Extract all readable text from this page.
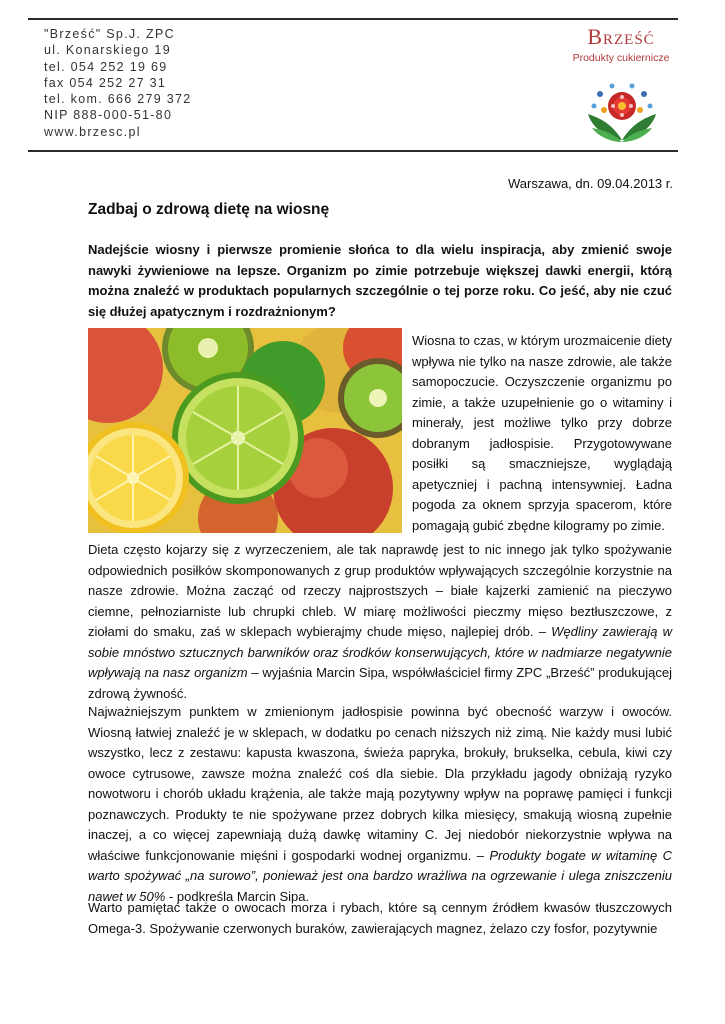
"Brześć" Sp.J. ZPC
ul. Konarskiego 19
tel. 054 252 19 69
fax 054 252 27 31
tel. kom. 666 279 372
NIP 888-000-51-80
www.brzesc.pl
Brześć
Produkty cukiernicze
Warszawa, dn. 09.04.2013 r.
Zadbaj o zdrową dietę na wiosnę

Nadejście wiosny i pierwsze promienie słońca to dla wielu inspiracja, aby zmienić swoje nawyki żywieniowe na lepsze. Organizm po zimie potrzebuje większej dawki energii, którą można znaleźć w produktach popularnych szczególnie o tej porze roku. Co jeść, aby nie czuć się dłużej apatycznym i rozdrażnionym?

Wiosna to czas, w którym urozmaicenie diety wpływa nie tylko na nasze zdrowie, ale także samopoczucie. Oczyszczenie organizmu po zimie, a także uzupełnienie go o witaminy i minerały, jest możliwe tylko przy dobrze dobranym jadłospisie. Przygotowywane posiłki są smaczniejsze, wyglądają apetyczniej i pachną intensywniej. Ładna pogoda za oknem sprzyja spacerom, które pomagają gubić zbędne kilogramy po zimie.

Dieta często kojarzy się z wyrzeczeniem, ale tak naprawdę jest to nic innego jak tylko spożywanie odpowiednich posiłków skomponowanych z grup produktów wpływających szczególnie korzystnie na nasze zdrowie. Można zacząć od rzeczy najprostszych – białe kajzerki zamienić na pieczywo ciemne, pełnoziarniste lub chrupki chleb. W miarę możliwości pieczmy mięso beztłuszczowe, z ziołami do smaku, zaś w sklepach wybierajmy chude mięso, najlepiej drób. – Wędliny zawierają w sobie mnóstwo sztucznych barwników oraz środków konserwujących, które w nadmiarze negatywnie wpływają na nasz organizm – wyjaśnia Marcin Sipa, współwłaściciel firmy ZPC „Brześć” produkującej zdrową żywność.

Najważniejszym punktem w zmienionym jadłospisie powinna być obecność warzyw i owoców. Wiosną łatwiej znaleźć je w sklepach, w dodatku po cenach niższych niż zimą. Nie każdy musi lubić wszystko, lecz z zestawu: kapusta kwaszona, świeża papryka, brokuły, brukselka, cebula, kiwi czy owoce cytrusowe, zawsze można znaleźć coś dla siebie. Dla przykładu jagody obniżają ryzyko nowotworu i chorób układu krążenia, ale także mają pozytywny wpływ na poprawę pamięci i funkcji poznawczych. Produkty te nie spożywane przez dobrych kilka miesięcy, smakują wiosną zupełnie inaczej, a co więcej zapewniają dużą dawkę witaminy C. Jej niedobór niekorzystnie wpływa na właściwe funkcjonowanie mięśni i gospodarki wodnej organizmu. – Produkty bogate w witaminę C warto spożywać „na surowo”, ponieważ jest ona bardzo wrażliwa na ogrzewanie i ulega zniszczeniu nawet w 50% - podkreśla Marcin Sipa.

Warto pamiętać także o owocach morza i rybach, które są cennym źródłem kwasów tłuszczowych Omega-3. Spożywanie czerwonych buraków, zawierających magnez, żelazo czy fosfor, pozytywnie
